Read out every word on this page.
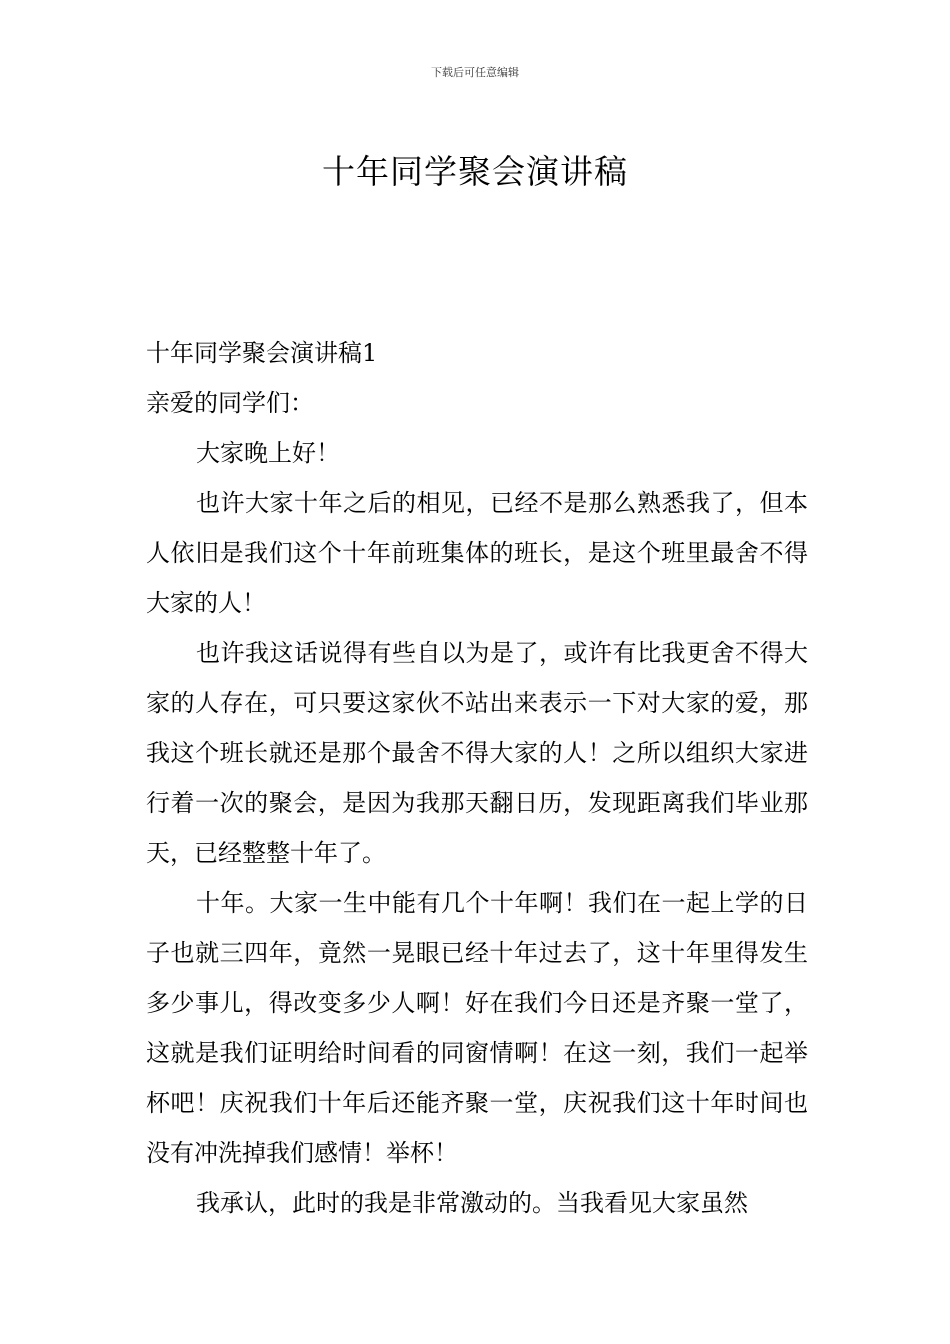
下载后可任意编辑
十年同学聚会演讲稿

十年同学聚会演讲稿1

亲爱的同学们：

大家晚上好！

也许大家十年之后的相见，已经不是那么熟悉我了，但本人依旧是我们这个十年前班集体的班长，是这个班里最舍不得大家的人！

也许我这话说得有些自以为是了，或许有比我更舍不得大家的人存在，可只要这家伙不站出来表示一下对大家的爱，那我这个班长就还是那个最舍不得大家的人！之所以组织大家进行着一次的聚会，是因为我那天翻日历，发现距离我们毕业那天，已经整整十年了。

十年。大家一生中能有几个十年啊！我们在一起上学的日子也就三四年，竟然一晃眼已经十年过去了，这十年里得发生多少事儿，得改变多少人啊！好在我们今日还是齐聚一堂了，这就是我们证明给时间看的同窗情啊！在这一刻，我们一起举杯吧！庆祝我们十年后还能齐聚一堂，庆祝我们这十年时间也没有冲洗掉我们感情！举杯！

我承认，此时的我是非常激动的。当我看见大家虽然
